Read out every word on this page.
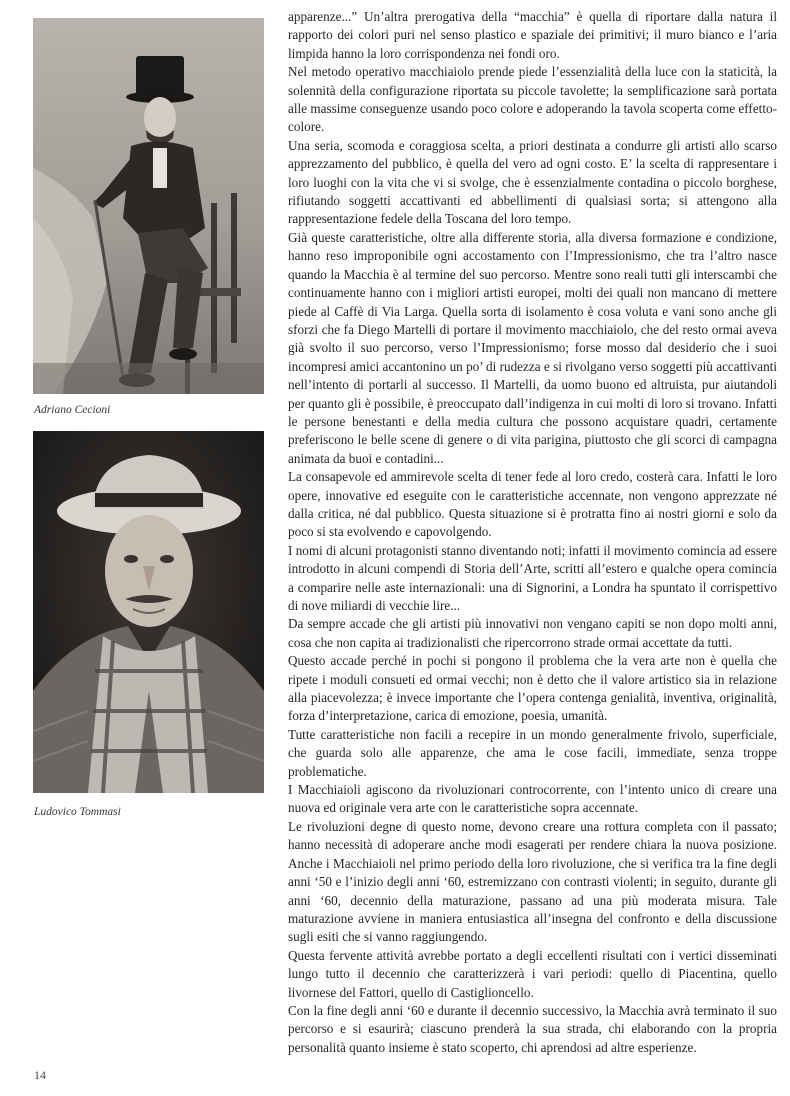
Adriano Cecioni
Ludovico Tommasi

apparenze...” Un’altra prerogativa della “macchia” è quella di riportare dalla natura il rapporto dei colori puri nel senso plastico e spaziale dei primitivi; il muro bianco e l’aria limpida hanno la loro corrispondenza nei fondi oro.

Nel metodo operativo macchiaiolo prende piede l’essenzialità della luce con la staticità, la solennità della configurazione riportata su piccole tavolette; la semplificazione sarà portata alle massime conseguenze usando poco colore e adoperando la tavola scoperta come effetto-colore.

Una seria, scomoda e coraggiosa scelta, a priori destinata a condurre gli artisti allo scarso apprezzamento del pubblico, è quella del vero ad ogni costo. E’ la scelta di rappresentare i loro luoghi con la vita che vi si svolge, che è essenzialmente contadina o piccolo borghese, rifiutando soggetti accattivanti ed abbellimenti di qualsiasi sorta; si attengono alla rappresentazione fedele della Toscana del loro tempo.

Già queste caratteristiche, oltre alla differente storia, alla diversa formazione e condizione, hanno reso improponibile ogni accostamento con l’Impressionismo, che tra l’altro nasce quando la Macchia è al termine del suo percorso. Mentre sono reali tutti gli interscambi che continuamente hanno con i migliori artisti europei, molti dei quali non mancano di mettere piede al Caffè di Via Larga. Quella sorta di isolamento è cosa voluta e vani sono anche gli sforzi che fa Diego Martelli di portare il movimento macchiaiolo, che del resto ormai aveva già svolto il suo percorso, verso l’Impressionismo; forse mosso dal desiderio che i suoi incompresi amici accantonino un po’ di rudezza e si rivolgano verso soggetti più accattivanti nell’intento di portarli al successo. Il Martelli, da uomo buono ed altruista, pur aiutandoli per quanto gli è possibile, è preoccupato dall’indigenza in cui molti di loro si trovano. Infatti le persone benestanti e della media cultura che possono acquistare quadri, certamente preferiscono le belle scene di genere o di vita parigina, piuttosto che gli scorci di campagna animata da buoi e contadini...

La consapevole ed ammirevole scelta di tener fede al loro credo, costerà cara. Infatti le loro opere, innovative ed eseguite con le caratteristiche accennate, non vengono apprezzate né dalla critica, né dal pubblico. Questa situazione si è protratta fino ai nostri giorni e solo da poco si sta evolvendo e capovolgendo.

I nomi di alcuni protagonisti stanno diventando noti; infatti il movimento comincia ad essere introdotto in alcuni compendi di Storia dell’Arte, scritti all’estero e qualche opera comincia a comparire nelle aste internazionali: una di Signorini, a Londra ha spuntato il corrispettivo di nove miliardi di vecchie lire...

Da sempre accade che gli artisti più innovativi non vengano capiti se non dopo molti anni, cosa che non capita ai tradizionalisti che ripercorrono strade ormai accettate da tutti.

Questo accade perché in pochi si pongono il problema che la vera arte non è quella che ripete i moduli consueti ed ormai vecchi; non è detto che il valore artistico sia in relazione alla piacevolezza; è invece importante che l’opera contenga genialità, inventiva, originalità, forza d’interpretazione, carica di emozione, poesia, umanità.

Tutte caratteristiche non facili a recepire in un mondo generalmente frivolo, superficiale, che guarda solo alle apparenze, che ama le cose facili, immediate, senza troppe problematiche.

I Macchiaioli agiscono da rivoluzionari controcorrente, con l’intento unico di creare una nuova ed originale vera arte con le caratteristiche sopra accennate.

Le rivoluzioni degne di questo nome, devono creare una rottura completa con il passato; hanno necessità di adoperare anche modi esagerati per rendere chiara la nuova posizione. Anche i Macchiaioli nel primo periodo della loro rivoluzione, che si verifica tra la fine degli anni ‘50 e l’inizio degli anni ‘60, estremizzano con contrasti violenti; in seguito, durante gli anni ‘60, decennio della maturazione, passano ad una più moderata misura. Tale maturazione avviene in maniera entusiastica all’insegna del confronto e della discussione sugli esiti che si vanno raggiungendo.

Questa fervente attività avrebbe portato a degli eccellenti risultati con i vertici disseminati lungo tutto il decennio che caratterizzerà i vari periodi: quello di Piacentina, quello livornese del Fattori, quello di Castiglioncello.

Con la fine degli anni ‘60 e durante il decennio successivo, la Macchia avrà terminato il suo percorso e si esaurirà; ciascuno prenderà la sua strada, chi elaborando con la propria personalità quanto insieme è stato scoperto, chi aprendosi ad altre esperienze.

14
